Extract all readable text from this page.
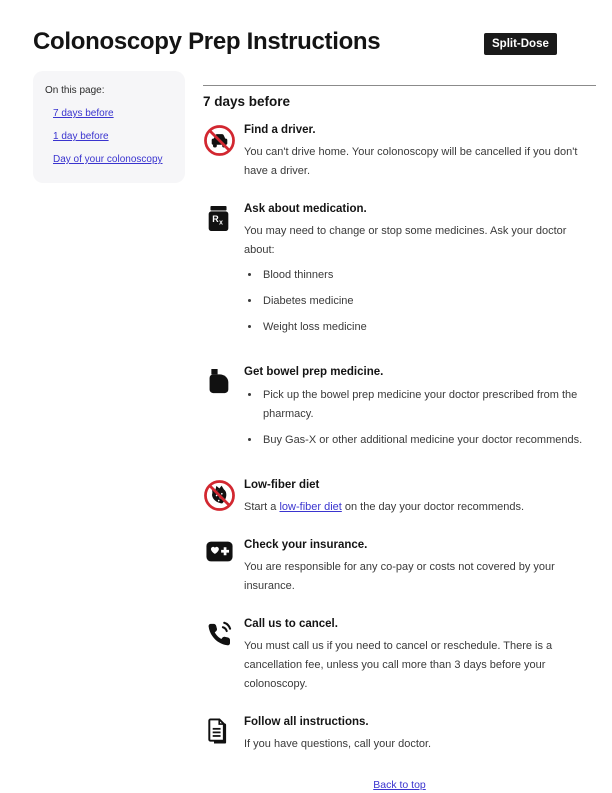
Colonoscopy Prep Instructions	Split-Dose
On this page:
7 days before
1 day before
Day of your colonoscopy
7 days before
Find a driver.

You can't drive home. Your colonoscopy will be cancelled if you don't have a driver.

R x
Ask about medication.

You may need to change or stop some medicines. Ask your doctor about:

• Blood thinners
• Diabetes medicine
• Weight loss medicine
Get bowel prep medicine.
• Pick up the bowel prep medicine your doctor prescribed from the pharmacy.
• Buy Gas-X or other additional medicine your doctor recommends.
Low-fiber diet

Start a low-fiber diet on the day your doctor recommends.

Check your insurance.

You are responsible for any co-pay or costs not covered by your insurance.

Call us to cancel.

You must call us if you need to cancel or reschedule. There is a cancellation fee, unless you call more than 3 days before your colonoscopy.

Follow all instructions.

If you have questions, call your doctor.

Back to top
